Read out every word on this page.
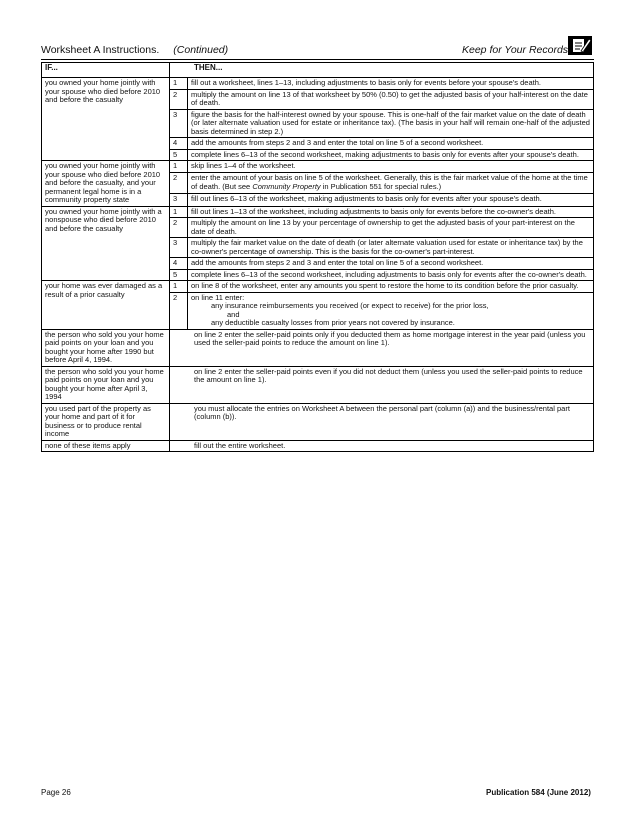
Worksheet A Instructions. (Continued)	Keep for Your Records
IF...	THEN...	
you owned your home jointly with your spouse who died before 2010 and before the casualty	1	fill out a worksheet, lines 1–13, including adjustments to basis only for events before your spouse's death.
	2	multiply the amount on line 13 of that worksheet by 50% (0.50) to get the adjusted basis of your half-interest on the date of death.
	3	figure the basis for the half-interest owned by your spouse. This is one-half of the fair market value on the date of death (or later alternate valuation used for estate or inheritance tax). (The basis in your half will remain one-half of the adjusted basis determined in step 2.)
	4	add the amounts from steps 2 and 3 and enter the total on line 5 of a second worksheet.
	5	complete lines 6–13 of the second worksheet, making adjustments to basis only for events after your spouse's death.
you owned your home jointly with your spouse who died before 2010 and before the casualty, and your permanent legal home is in a community property state	1	skip lines 1–4 of the worksheet.
	2	enter the amount of your basis on line 5 of the worksheet. Generally, this is the fair market value of the home at the time of death. (But see Community Property in Publication 551 for special rules.)
	3	fill out lines 6–13 of the worksheet, making adjustments to basis only for events after your spouse's death.
you owned your home jointly with a nonspouse who died before 2010 and before the casualty	1	fill out lines 1–13 of the worksheet, including adjustments to basis only for events before the co-owner's death.
	2	multiply the amount on line 13 by your percentage of ownership to get the adjusted basis of your part-interest on the date of death.
	3	multiply the fair market value on the date of death (or later alternate valuation used for estate or inheritance tax) by the co-owner's percentage of ownership. This is the basis for the co-owner's part-interest.
	4	add the amounts from steps 2 and 3 and enter the total on line 5 of a second worksheet.
	5	complete lines 6–13 of the second worksheet, including adjustments to basis only for events after the co-owner's death.
your home was ever damaged as a result of a prior casualty	1	on line 8 of the worksheet, enter any amounts you spent to restore the home to its condition before the prior casualty.
	2	on line 11 enter:
any insurance reimbursements you received (or expect to receive) for the prior loss,
and
any deductible casualty losses from prior years not covered by insurance.

the person who sold you your home paid points on your loan and you bought your home after 1990 but before April 4, 1994.	on line 2 enter the seller-paid points only if you deducted them as home mortgage interest in the year paid (unless you used the seller-paid points to reduce the amount on line 1).	
the person who sold you your home paid points on your loan and you bought your home after April 3, 1994	on line 2 enter the seller-paid points even if you did not deduct them (unless you used the seller-paid points to reduce the amount on line 1).	
you used part of the property as your home and part of it for business or to produce rental income	you must allocate the entries on Worksheet A between the personal part (column (a)) and the business/rental part (column (b)).	
none of these items apply	fill out the entire worksheet.	
Page 26	Publication 584 (June 2012)
